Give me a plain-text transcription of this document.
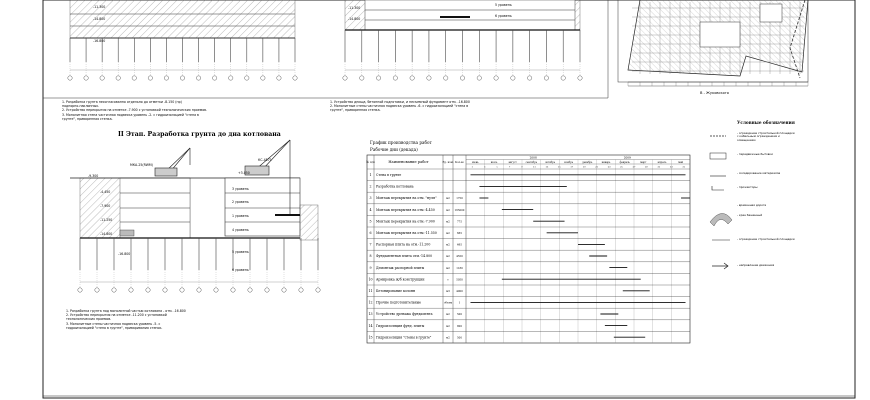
№ п/п	Наименование работ	Ед. изм. Кол-во
2008	2009
июнь	июль	август	сентябрь	октябрь	ноябрь	декабрь	январь	февраль	март	апрель	май
1	3	5	7	9	11	13	15	17	19	21	23	25	27	29	31	33	35
1 Стена в грунте
2 Разработка котлована
3 Монтаж перекрытия на отм. "нуля"	м2 1750
4 Монтаж перекрытия на отм.-4.450	м2 165000
5 Монтаж перекрытия на отм.-7.900	м2	775
6 Монтаж перекрытия на отм.-11.550	м2	665
7 Распорная плита на отм.-11.200	м2	665
8 Фундаментная плита отм.-14.800	м2 4550
9 Демонтаж распорной плиты	м2 1180
10 Армировка ж/б конструкции	т	5050
11 Бетонирование колонн	м3 4000
12 Прочие подготовительные	объем	1
13 Устройство дренажа фундамента	м2	500
14 Гидроизоляция фунд. плиты	м2	800
15 Гидроизоляция "стены в грунте"	м2	500
-11.300
-14.800
-16.800
1. Разработка грунта несогласованно отдельно до отметки -8.150 (пр)
подпорно-наклонных.
2. Устройство перекрытия на отметке -7.900 с установкой технологических проемов.
3. Монолитная стена частичная подвеска уровень -2. с гидроизоляцией "стена в грунте", приваренная стенка.
-11.300
-14.800
5 уровень
6 уровень
1. Устройство днища, бетонной подготовки, и несъемный фундамент отм. -16.800
2. Монолитные стены частичная подвеска уровень -6. с гидроизоляцией "стена в грунте", приваренная стенка.
В - Жуковского
II Этап. Разработка грунта до дна котлована
МКА-25(RWM)
КС-4571
-9.300
-4.450
-7.900
-11.250
-14.800
-16.800
+3.050
3 уровень
2 уровень
1 уровень
4 уровень
5 уровень
6 уровень
1. Разработка грунта под монолитной частью котлована - отм. -16.800
2. Устройство перекрытия на отметке -11.200 с установкой технологических проемов.
3. Монолитные стены частичная подвеска уровень -5. с гидроизоляцией "стена в грунте", приваривания стенок.
График производства работ
Рабочие дни (декада)
Условные обозначения
- ограждение строительной площадки с кабельным ограждением и освещением
- передвижные бытовки
- складирование материалов
- прожекторы
- временная дорога
- кран башенный
- направление движения
- ограждение строительной площадки
